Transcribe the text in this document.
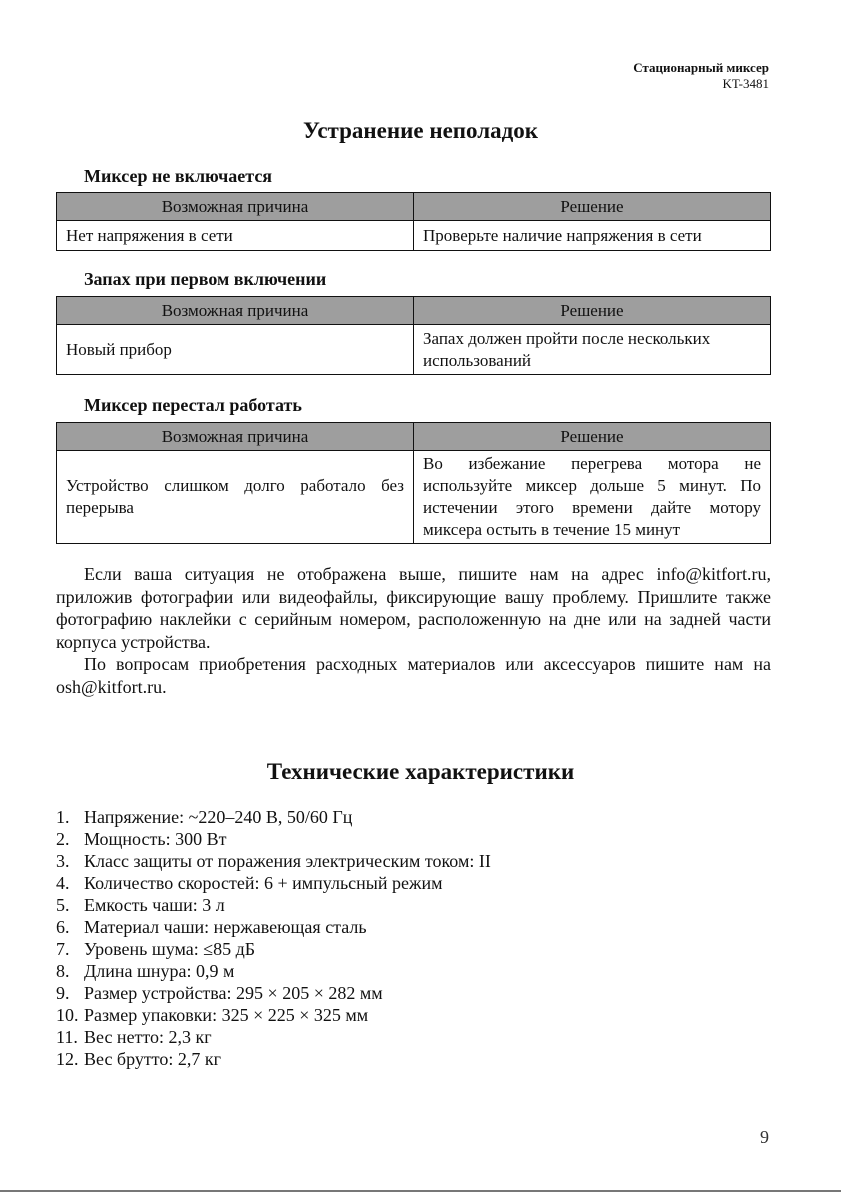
Стационарный миксер
KT-3481
Устранение неполадок
Миксер не включается
Возможная причина	Решение
Нет напряжения в сети	Проверьте наличие напряжения в сети
Запах при первом включении
Возможная причина	Решение
Новый прибор	Запах должен пройти после нескольких использований
Миксер перестал работать
Возможная причина	Решение
Устройство слишком долго работало без перерыва	Во избежание перегрева мотора не используйте миксер дольше 5 минут. По истечении этого времени дайте мотору миксера остыть в течение 15 минут

Если ваша ситуация не отображена выше, пишите нам на адрес info@kitfort.ru, приложив фотографии или видеофайлы, фиксирующие вашу проблему. Пришлите также фотографию наклейки с серийным номером, расположенную на дне или на задней части корпуса устройства.

По вопросам приобретения расходных материалов или аксессуаров пишите нам на osh@kitfort.ru.

Технические характеристики
1. Напряжение: ~220–240 В, 50/60 Гц
2. Мощность: 300 Вт
3. Класс защиты от поражения электрическим током: II
4. Количество скоростей: 6 + импульсный режим
5. Емкость чаши: 3 л
6. Материал чаши: нержавеющая сталь
7. Уровень шума: ≤85 дБ
8. Длина шнура: 0,9 м
9. Размер устройства: 295 × 205 × 282 мм
10. Размер упаковки: 325 × 225 × 325 мм
11. Вес нетто: 2,3 кг
12. Вес брутто: 2,7 кг
9
